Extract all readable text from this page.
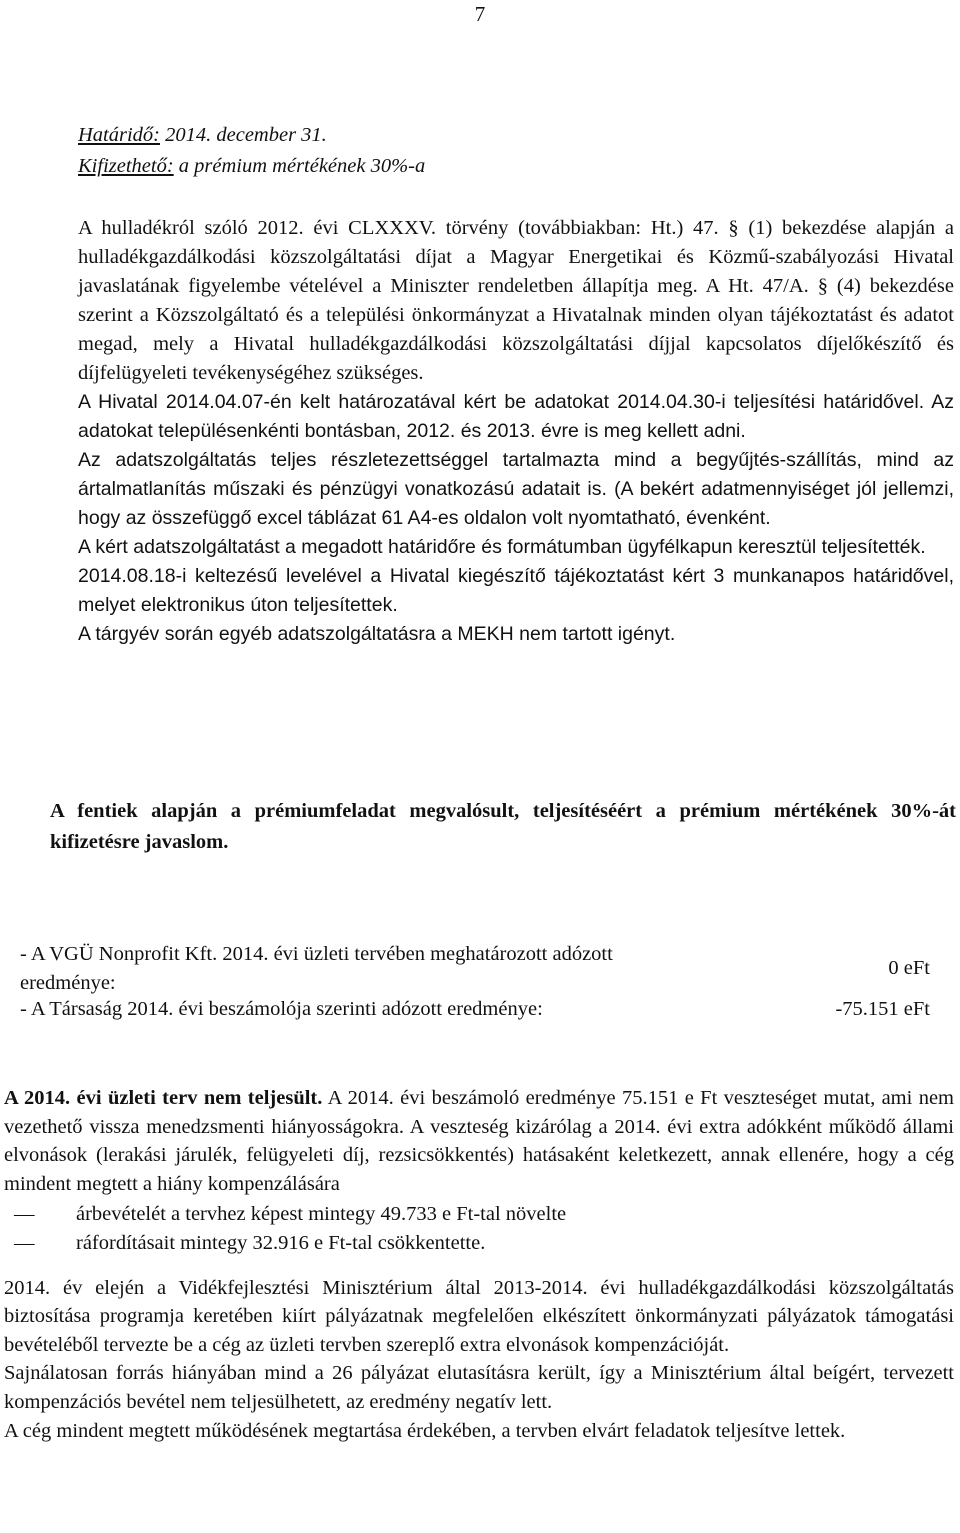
7
Határidő: 2014. december 31.
Kifizethető: a prémium mértékének 30%-a

A hulladékról szóló 2012. évi CLXXXV. törvény (továbbiakban: Ht.) 47. § (1) bekezdése alapján a hulladékgazdálkodási közszolgáltatási díjat a Magyar Energetikai és Közmű-szabályozási Hivatal javaslatának figyelembe vételével a Miniszter rendeletben állapítja meg. A Ht. 47/A. § (4) bekezdése szerint a Közszolgáltató és a települési önkormányzat a Hivatalnak minden olyan tájékoztatást és adatot megad, mely a Hivatal hulladékgazdálkodási közszolgáltatási díjjal kapcsolatos díjelőkészítő és díjfelügyeleti tevékenységéhez szükséges.

A Hivatal 2014.04.07-én kelt határozatával kért be adatokat 2014.04.30-i teljesítési határidővel. Az adatokat településenkénti bontásban, 2012. és 2013. évre is meg kellett adni.

Az adatszolgáltatás teljes részletezettséggel tartalmazta mind a begyűjtés-szállítás, mind az ártalmatlanítás műszaki és pénzügyi vonatkozású adatait is. (A bekért adatmennyiséget jól jellemzi, hogy az összefüggő excel táblázat 61 A4-es oldalon volt nyomtatható, évenként.

A kért adatszolgáltatást a megadott határidőre és formátumban ügyfélkapun keresztül teljesítették.

2014.08.18-i keltezésű levelével a Hivatal kiegészítő tájékoztatást kért 3 munkanapos határidővel, melyet elektronikus úton teljesítettek.

A tárgyév során egyéb adatszolgáltatásra a MEKH nem tartott igényt.

A fentiek alapján a prémiumfeladat megvalósult, teljesítéséért a prémium mértékének 30%-át kifizetésre javaslom.
- A VGÜ Nonprofit Kft. 2014. évi üzleti tervében meghatározott adózott
eredménye:
0 eFt
- A Társaság 2014. évi beszámolója szerinti adózott eredménye:	-75.151 eFt

A 2014. évi üzleti terv nem teljesült. A 2014. évi beszámoló eredménye 75.151 e Ft veszteséget mutat, ami nem vezethető vissza menedzsmenti hiányosságokra. A veszteség kizárólag a 2014. évi extra adókként működő állami elvonások (lerakási járulék, felügyeleti díj, rezsicsökkentés) hatásaként keletkezett, annak ellenére, hogy a cég mindent megtett a hiány kompenzálására

— árbevételét a tervhez képest mintegy 49.733 e Ft-tal növelte
— ráfordításait mintegy 32.916 e Ft-tal csökkentette.

2014. év elején a Vidékfejlesztési Minisztérium által 2013-2014. évi hulladékgazdálkodási közszolgáltatás biztosítása programja keretében kiírt pályázatnak megfelelően elkészített önkormányzati pályázatok támogatási bevételéből tervezte be a cég az üzleti tervben szereplő extra elvonások kompenzációját.

Sajnálatosan forrás hiányában mind a 26 pályázat elutasításra került, így a Minisztérium által beígért, tervezett kompenzációs bevétel nem teljesülhetett, az eredmény negatív lett.

A cég mindent megtett működésének megtartása érdekében, a tervben elvárt feladatok teljesítve lettek.
